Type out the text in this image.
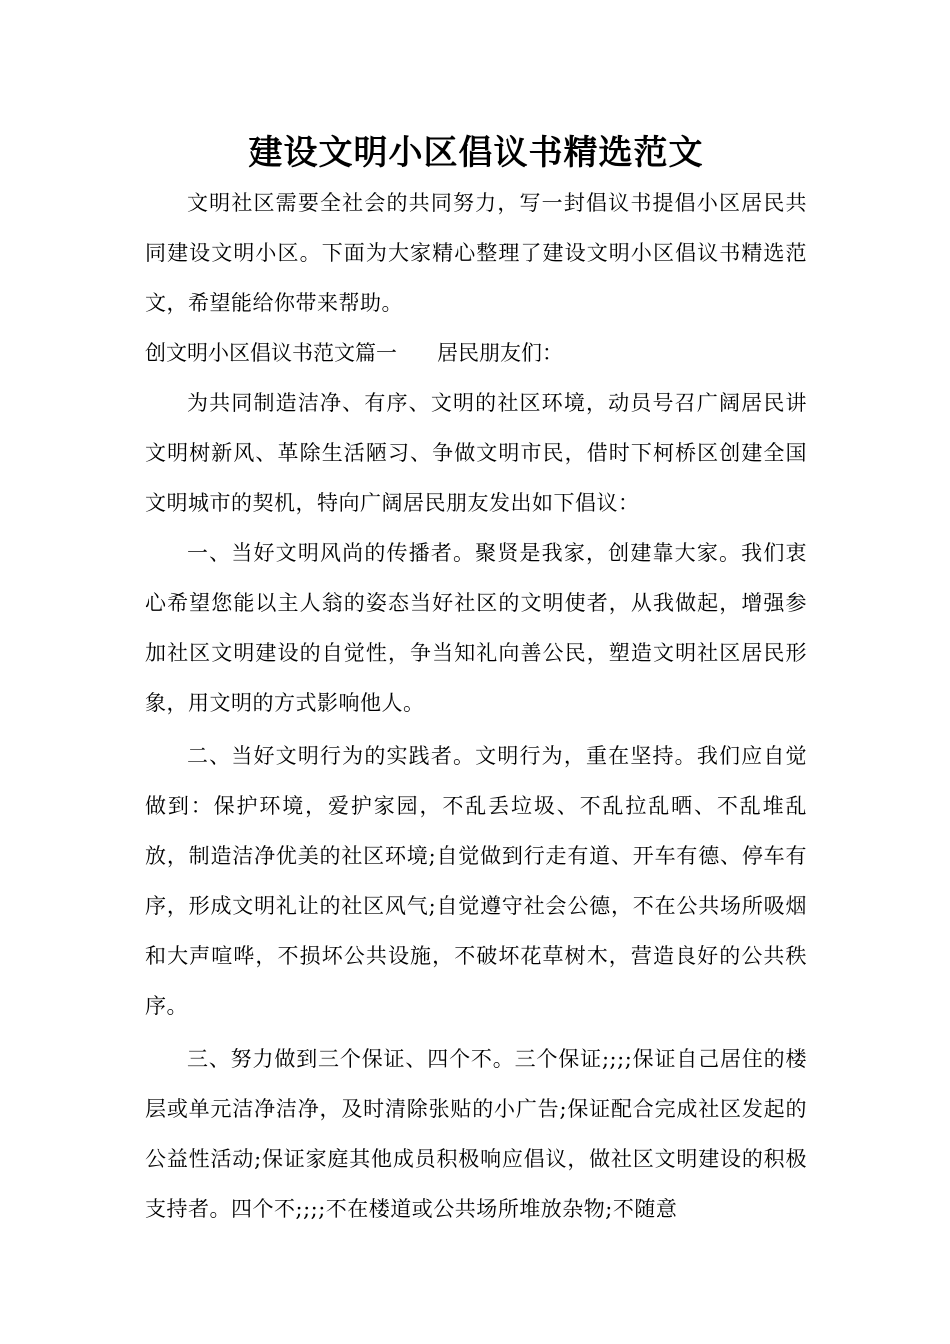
建设文明小区倡议书精选范文

文明社区需要全社会的共同努力，写一封倡议书提倡小区居民共同建设文明小区。下面为大家精心整理了建设文明小区倡议书精选范文，希望能给你带来帮助。

创文明小区倡议书范文篇一 居民朋友们：

为共同制造洁净、有序、文明的社区环境，动员号召广阔居民讲文明树新风、革除生活陋习、争做文明市民，借时下柯桥区创建全国文明城市的契机，特向广阔居民朋友发出如下倡议：

一、当好文明风尚的传播者。聚贤是我家，创建靠大家。我们衷心希望您能以主人翁的姿态当好社区的文明使者，从我做起，增强参加社区文明建设的自觉性，争当知礼向善公民，塑造文明社区居民形象，用文明的方式影响他人。

二、当好文明行为的实践者。文明行为，重在坚持。我们应自觉做到：保护环境，爱护家园，不乱丢垃圾、不乱拉乱晒、不乱堆乱放，制造洁净优美的社区环境;自觉做到行走有道、开车有德、停车有序，形成文明礼让的社区风气;自觉遵守社会公德，不在公共场所吸烟和大声喧哗，不损坏公共设施，不破坏花草树木，营造良好的公共秩序。

三、努力做到三个保证、四个不。三个保证;;;;保证自己居住的楼层或单元洁净洁净，及时清除张贴的小广告;保证配合完成社区发起的公益性活动;保证家庭其他成员积极响应倡议，做社区文明建设的积极支持者。四个不;;;;不在楼道或公共场所堆放杂物;不随意
